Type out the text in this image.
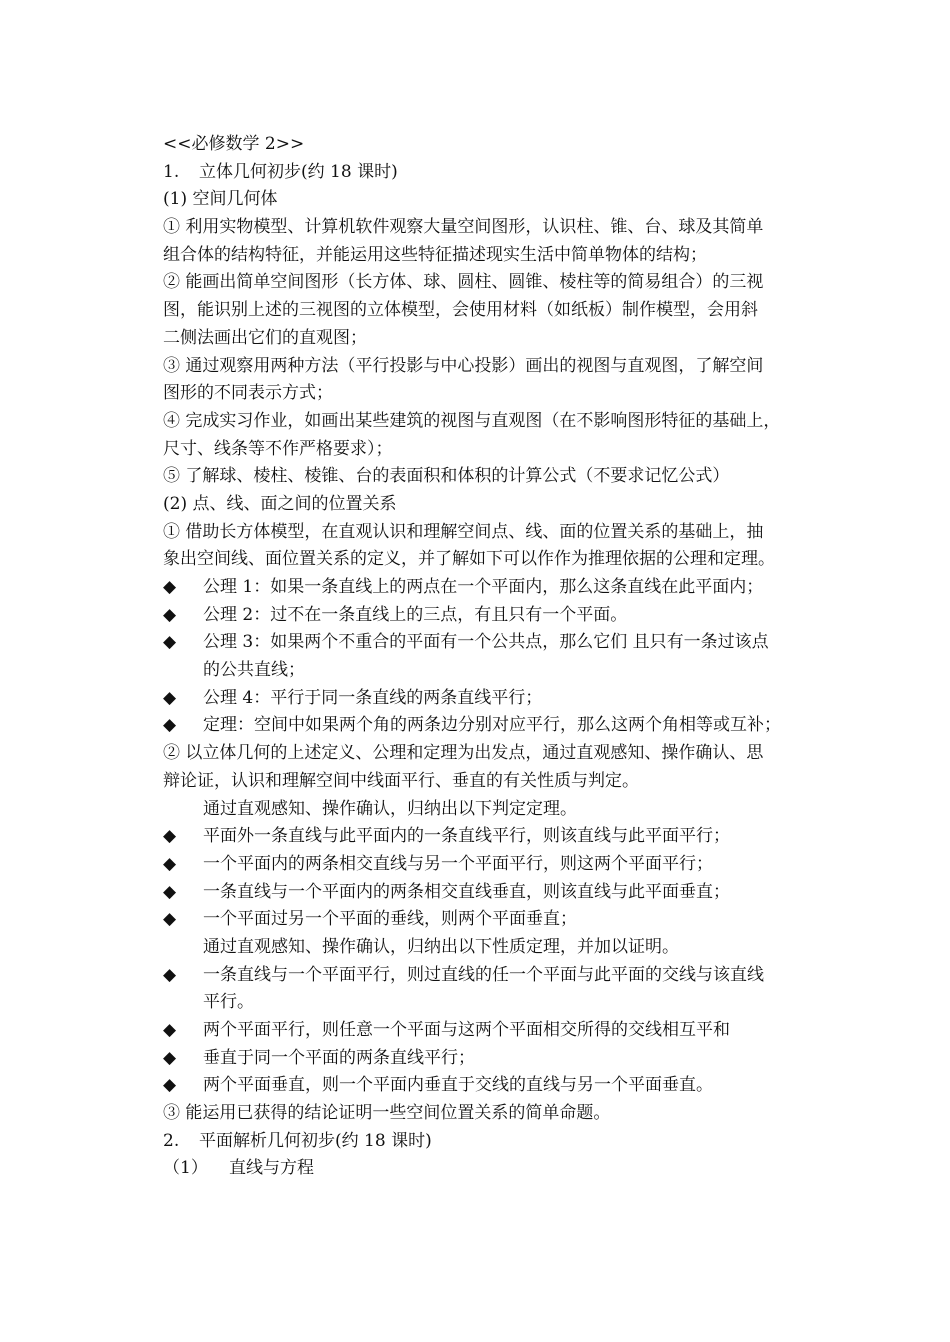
<<必修数学 2>>
1. 立体几何初步(约 18 课时)
(1) 空间几何体
① 利用实物模型、计算机软件观察大量空间图形，认识柱、锥、台、球及其简单
组合体的结构特征，并能运用这些特征描述现实生活中简单物体的结构；
② 能画出简单空间图形（长方体、球、圆柱、圆锥、棱柱等的简易组合）的三视
图，能识别上述的三视图的立体模型，会使用材料（如纸板）制作模型，会用斜
二侧法画出它们的直观图；
③ 通过观察用两种方法（平行投影与中心投影）画出的视图与直观图，了解空间
图形的不同表示方式；
④ 完成实习作业，如画出某些建筑的视图与直观图（在不影响图形特征的基础上，
尺寸、线条等不作严格要求）；
⑤ 了解球、棱柱、棱锥、台的表面积和体积的计算公式（不要求记忆公式）
(2) 点、线、面之间的位置关系
① 借助长方体模型，在直观认识和理解空间点、线、面的位置关系的基础上，抽
象出空间线、面位置关系的定义，并了解如下可以作作为推理依据的公理和定理。
◆ 公理 1：如果一条直线上的两点在一个平面内，那么这条直线在此平面内；
◆ 公理 2：过不在一条直线上的三点，有且只有一个平面。
◆ 公理 3：如果两个不重合的平面有一个公共点，那么它们 且只有一条过该点
的公共直线；
◆ 公理 4：平行于同一条直线的两条直线平行；
◆ 定理：空间中如果两个角的两条边分别对应平行，那么这两个角相等或互补；
② 以立体几何的上述定义、公理和定理为出发点，通过直观感知、操作确认、思
辩论证，认识和理解空间中线面平行、垂直的有关性质与判定。
通过直观感知、操作确认，归纳出以下判定定理。
◆ 平面外一条直线与此平面内的一条直线平行，则该直线与此平面平行；
◆ 一个平面内的两条相交直线与另一个平面平行，则这两个平面平行；
◆ 一条直线与一个平面内的两条相交直线垂直，则该直线与此平面垂直；
◆ 一个平面过另一个平面的垂线，则两个平面垂直；
通过直观感知、操作确认，归纳出以下性质定理，并加以证明。
◆ 一条直线与一个平面平行，则过直线的任一个平面与此平面的交线与该直线
平行。
◆ 两个平面平行，则任意一个平面与这两个平面相交所得的交线相互平和
◆ 垂直于同一个平面的两条直线平行；
◆ 两个平面垂直，则一个平面内垂直于交线的直线与另一个平面垂直。
③ 能运用已获得的结论证明一些空间位置关系的简单命题。
2. 平面解析几何初步(约 18 课时)
（1） 直线与方程
